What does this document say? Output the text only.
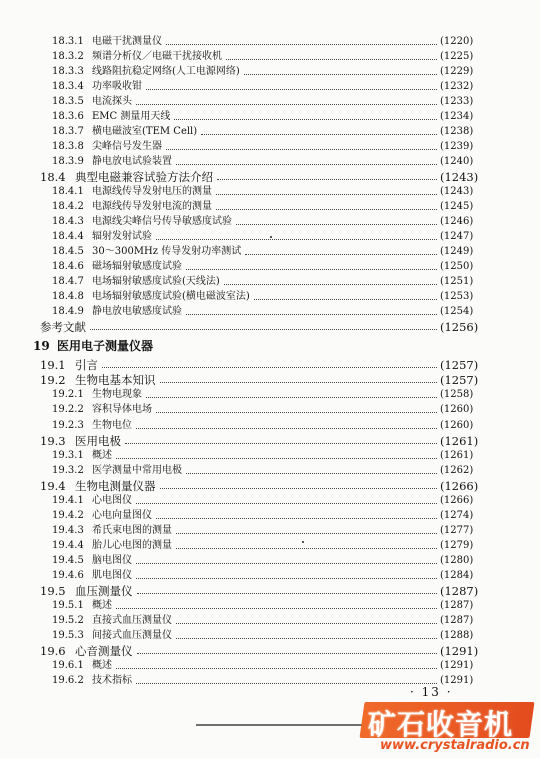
18.3.1 电磁干扰测量仪	(1220)
18.3.2 频谱分析仪／电磁干扰接收机	(1225)
18.3.3 线路阻抗稳定网络(人工电源网络)	(1229)
18.3.4 功率吸收钳	(1232)
18.3.5 电流探头	(1233)
18.3.6 EMC 测量用天线	(1234)
18.3.7 横电磁波室(TEM Cell)	(1238)
18.3.8 尖峰信号发生器	(1239)
18.3.9 静电放电试验装置	(1240)
18.4 典型电磁兼容试验方法介绍	(1243)
18.4.1 电源线传导发射电压的测量	(1243)
18.4.2 电源线传导发射电流的测量	(1245)
18.4.3 电源线尖峰信号传导敏感度试验	(1246)
18.4.4 辐射发射试验	(1247)
18.4.5 30～300MHz 传导发射功率测试	(1249)
18.4.6 磁场辐射敏感度试验	(1250)
18.4.7 电场辐射敏感度试验(天线法)	(1251)
18.4.8 电场辐射敏感度试验(横电磁波室法)	(1253)
18.4.9 静电放电敏感度试验	(1254)
参考文献	(1256)
19 医用电子测量仪器
19.1 引言	(1257)
19.2 生物电基本知识	(1257)
19.2.1 生物电现象	(1258)
19.2.2 容积导体电场	(1260)
19.2.3 生物电位	(1260)
19.3 医用电极	(1261)
19.3.1 概述	(1261)
19.3.2 医学测量中常用电极	(1262)
19.4 生物电测量仪器	(1266)
19.4.1 心电图仪	(1266)
19.4.2 心电向量图仪	(1274)
19.4.3 希氏束电图的测量	(1277)
19.4.4 胎儿心电图的测量	(1279)
19.4.5 脑电图仪	(1280)
19.4.6 肌电图仪	(1284)
19.5 血压测量仪	(1287)
19.5.1 概述	(1287)
19.5.2 直接式血压测量仪	(1287)
19.5.3 间接式血压测量仪	(1288)
19.6 心音测量仪	(1291)
19.6.1 概述	(1291)
19.6.2 技术指标	(1291)
· 13 ·
矿石收音机
www.crystalradio.cn
